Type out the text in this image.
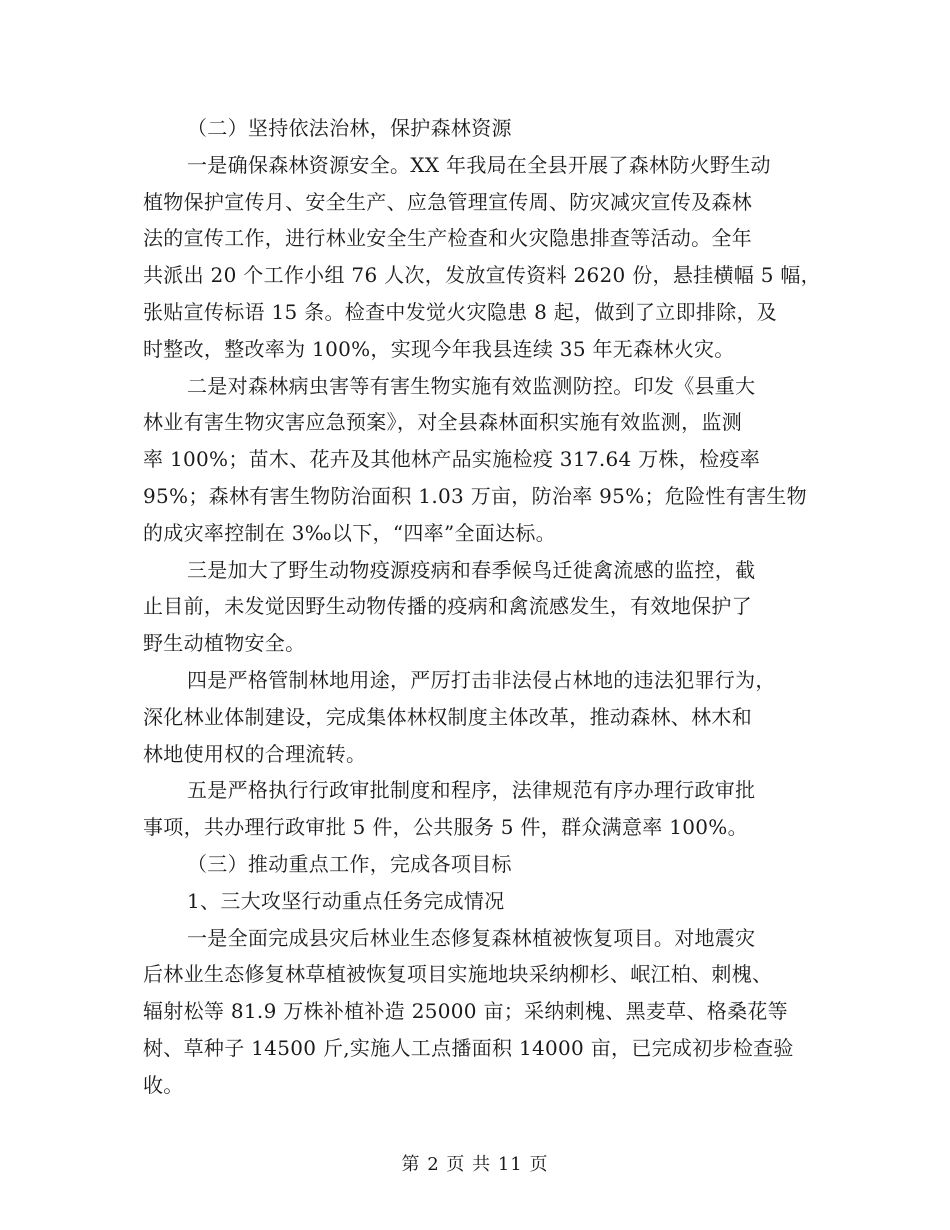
（二）坚持依法治林，保护森林资源
一是确保森林资源安全。XX 年我局在全县开展了森林防火野生动
植物保护宣传月、安全生产、应急管理宣传周、防灾减灾宣传及森林
法的宣传工作，进行林业安全生产检查和火灾隐患排查等活动。全年
共派出 20 个工作小组 76 人次，发放宣传资料 2620 份，悬挂横幅 5 幅，
张贴宣传标语 15 条。检查中发觉火灾隐患 8 起，做到了立即排除，及
时整改，整改率为 100%，实现今年我县连续 35 年无森林火灾。
二是对森林病虫害等有害生物实施有效监测防控。印发《县重大
林业有害生物灾害应急预案》，对全县森林面积实施有效监测，监测
率 100%；苗木、花卉及其他林产品实施检疫 317.64 万株，检疫率
95%；森林有害生物防治面积 1.03 万亩，防治率 95%；危险性有害生物
的成灾率控制在 3‰以下，“四率”全面达标。
三是加大了野生动物疫源疫病和春季候鸟迁徙禽流感的监控，截
止目前，未发觉因野生动物传播的疫病和禽流感发生，有效地保护了
野生动植物安全。
四是严格管制林地用途，严厉打击非法侵占林地的违法犯罪行为，
深化林业体制建设，完成集体林权制度主体改革，推动森林、林木和
林地使用权的合理流转。
五是严格执行行政审批制度和程序，法律规范有序办理行政审批
事项，共办理行政审批 5 件，公共服务 5 件，群众满意率 100%。
（三）推动重点工作，完成各项目标
1、三大攻坚行动重点任务完成情况
一是全面完成县灾后林业生态修复森林植被恢复项目。对地震灾
后林业生态修复林草植被恢复项目实施地块采纳柳杉、岷江柏、刺槐、
辐射松等 81.9 万株补植补造 25000 亩；采纳刺槐、黑麦草、格桑花等
树、草种子 14500 斤,实施人工点播面积 14000 亩，已完成初步检查验
收。
第 2 页 共 11 页
